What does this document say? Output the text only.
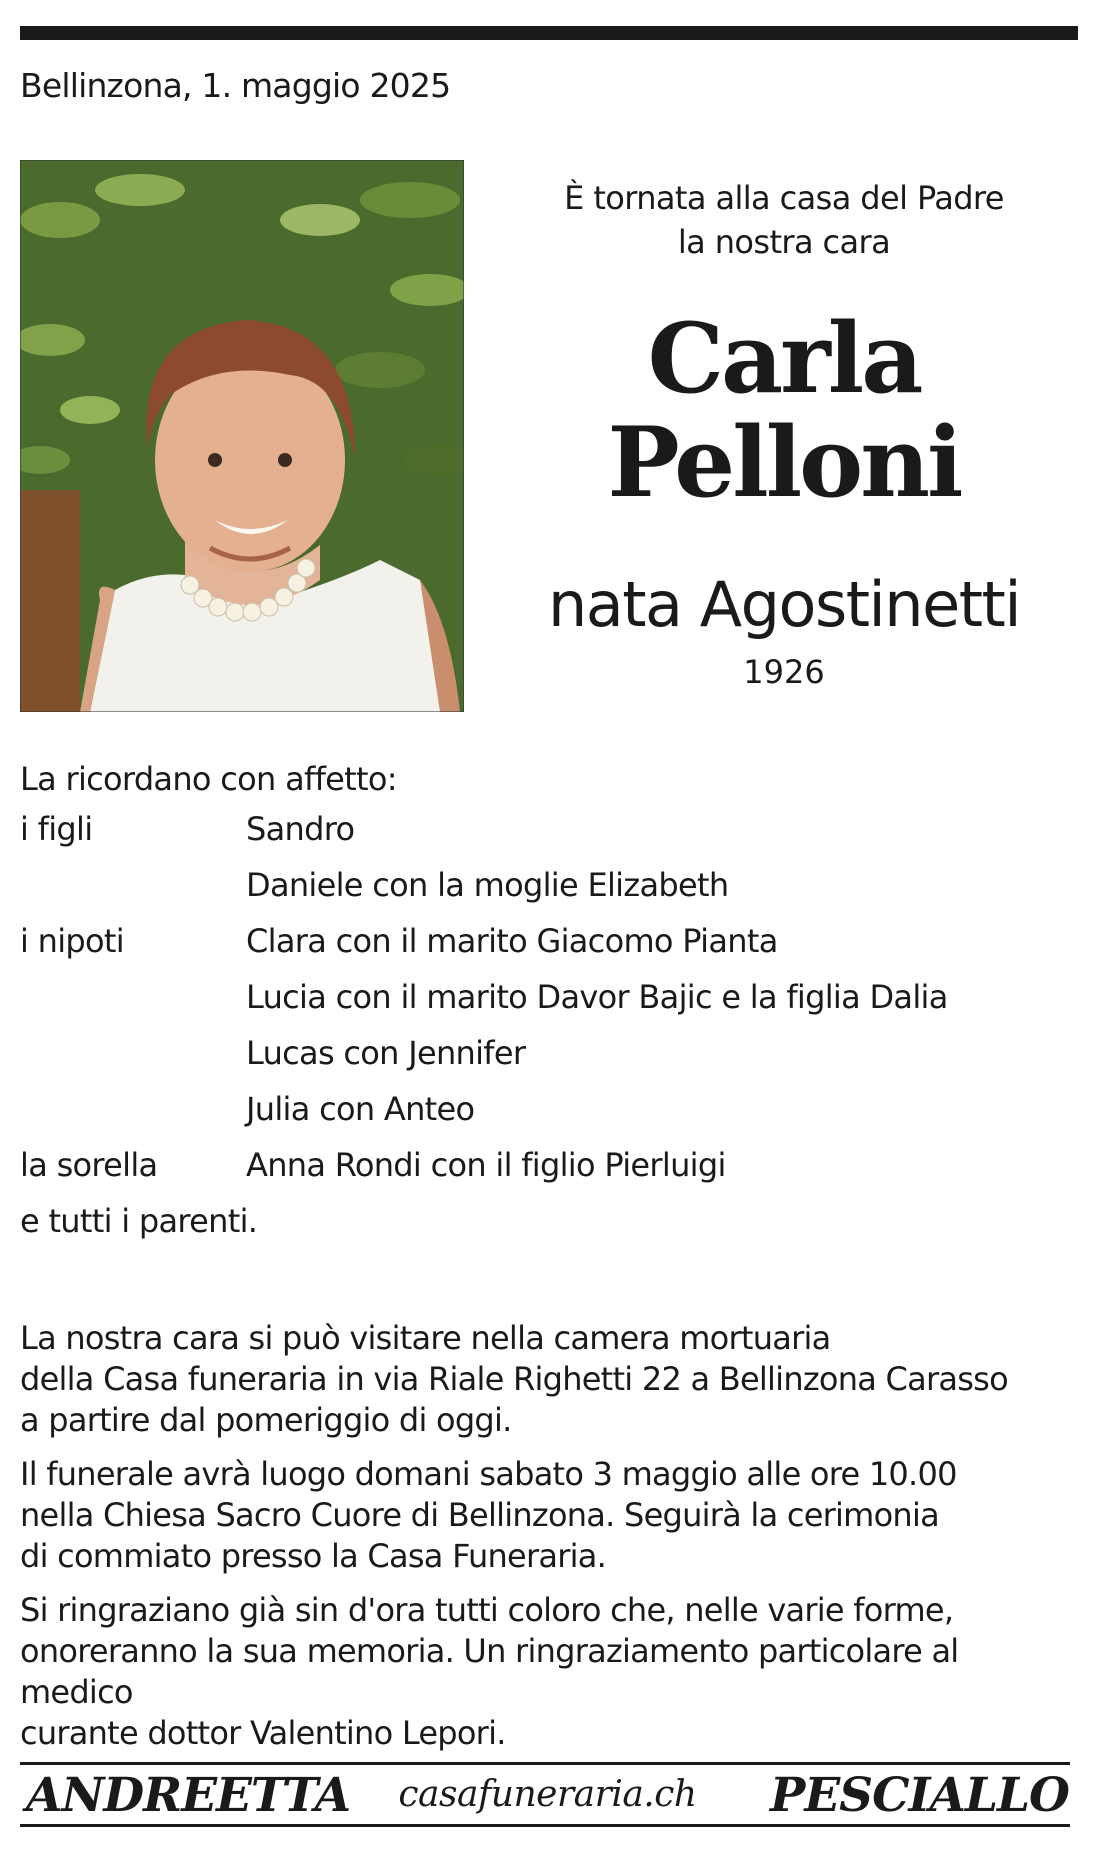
Bellinzona, 1. maggio 2025
È tornata alla casa del Padre
la nostra cara
Carla
Pelloni
nata Agostinetti
1926
La ricordano con affetto:
i figli	Sandro
Daniele con la moglie Elizabeth
i nipoti	Clara con il marito Giacomo Pianta
Lucia con il marito Davor Bajic e la figlia Dalia
Lucas con Jennifer
Julia con Anteo
la sorella	Anna Rondi con il figlio Pierluigi
e tutti i parenti.
La nostra cara si può visitare nella camera mortuaria
della Casa funeraria in via Riale Righetti 22 a Bellinzona Carasso
a partire dal pomeriggio di oggi.
Il funerale avrà luogo domani sabato 3 maggio alle ore 10.00
nella Chiesa Sacro Cuore di Bellinzona. Seguirà la cerimonia
di commiato presso la Casa Funeraria.
Si ringraziano già sin d'ora tutti coloro che, nelle varie forme,
onoreranno la sua memoria. Un ringraziamento particolare al medico
curante dottor Valentino Lepori.
ANDREETTA	casafuneraria.ch	PESCIALLO
